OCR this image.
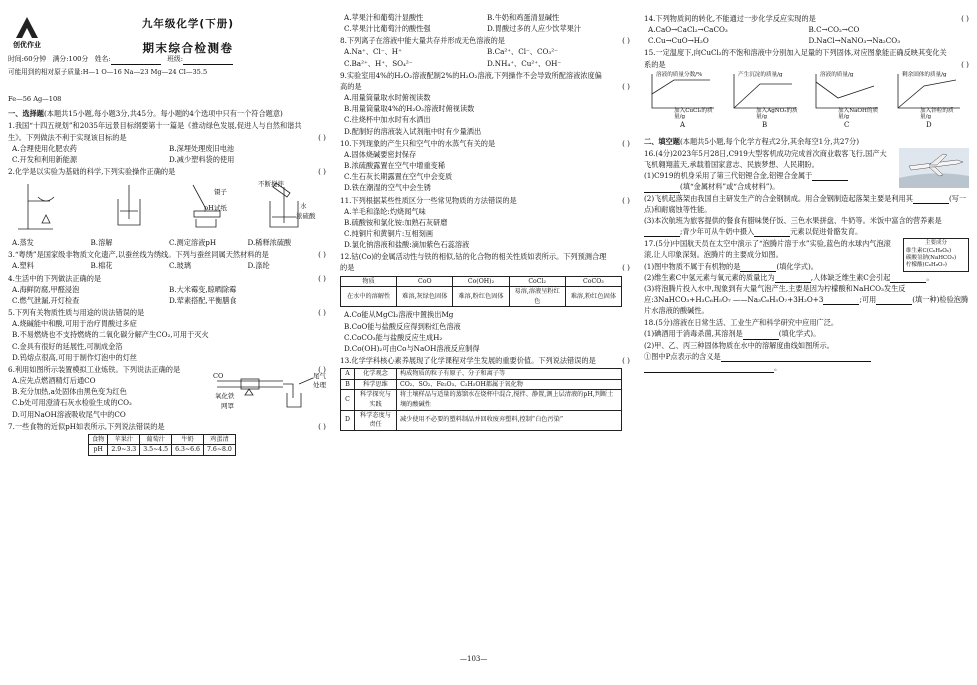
创优作业
九年级化学(下册)
期末综合检测卷
时间:60分钟 满分:100分 姓名:	班级:
可能用到的相对原子质量:H—1 O—16 Na—23 Mg—24 Cl—35.5
Fe—56 Ag—108
一、选择题(本题共15小题,每小题3分,共45分。每小题的4个选项中只有一个符合题意)
1.我国“十四五规划”和2035年远景目标纲要第十一篇是《推动绿色发展,促进人与自然和谐共生》。下列做法不利于实现该目标的是	( )
A.合理使用化肥农药	B.深埋处理废旧电池
C.开发和利用新能源	D.减少塑料袋的使用
2.化学是以实验为基础的科学,下列实验操作正确的是	( )
镊子
pH试纸
不断搅拌
水
浓硫酸
A.蒸发	B.溶解	C.测定溶液pH	D.稀释浓硫酸
3.“粤绣”是国家级非物质文化遗产,以蚕丝线为绣线。下列与蚕丝同属天然材料的是	( )
A.塑料	B.棉花	C.玻璃	D.涤纶
4.生活中的下列做法正确的是	( )
A.海鲜防腐,甲醛浸泡	B.大米霉变,晾晒除霉
C.燃气泄漏,开灯检查	D.荤素搭配,平衡膳食
5.下列有关物质性质与用途的说法错误的是	( )
A.烧碱能中和酸,可用于治疗胃酸过多症
B.不易燃烧也不支持燃烧的二氧化碳分解产生CO₂,可用于灭火
C.金具有很好的延展性,可制成金箔
D.钨熔点很高,可用于制作灯泡中的灯丝
6.利用如图所示装置模拟工业炼铁。下列说法正确的是	( )
A.应先点燃酒精灯后通CO
B.充分加热,a处固体由黑色变为红色
C.b处可用澄清石灰水检验生成的CO₂
D.可用NaOH溶液吸收尾气中的CO
CO
氧化铁
网罩
尾气
处理
7.一些食物的近似pH如表所示,下列说法错误的是	( )
食物	苹果汁	葡萄汁	牛奶	鸡蛋清
pH	2.9~3.3	3.5~4.5	6.3~6.6	7.6~8.0
A.苹果汁和葡萄汁显酸性	B.牛奶和鸡蛋清显碱性
C.苹果汁比葡萄汁的酸性强	D.胃酸过多的人应少饮苹果汁
8.下列离子在溶液中能大量共存并形成无色溶液的是	( )
A.Na⁺、Cl⁻、H⁺	B.Ca²⁺、Cl⁻、CO₃²⁻
C.Ba²⁺、H⁺、SO₄²⁻	D.NH₄⁺、Cu²⁺、OH⁻
9.实验室用4%的H₂O₂溶液配制2%的H₂O₂溶液,下列操作不会导致所配溶液浓度偏高的是	( )
A.用量筒量取水时俯视读数
B.用量筒量取4%的H₂O₂溶液时俯视读数
C.往烧杯中加水时有水洒出
D.配制好的溶液装入试剂瓶中时有少量洒出
10.下列现象的产生只和空气中的水蒸气有关的是	( )
A.固体烧碱要密封保存
B.浓硫酸露置在空气中增重变稀
C.生石灰长期露置在空气中会变质
D.铁在潮湿的空气中会生锈
11.下列根据某些性质区分一些常见物质的方法错误的是	( )
A.羊毛和涤纶:灼烧闻气味
B.硫酸铵和氯化铵:加熟石灰研磨
C.纯铜片和黄铜片:互相刻画
D.氯化钠溶液和盐酸:滴加紫色石蕊溶液
12.钴(Co)的金属活动性与铁的相似,钴的化合物的相关性质如表所示。下列预测合理的是	( )
物质	CoO	Co(OH)₂	CoCl₂	CoCO₃
在水中的溶解性	难溶,灰绿色固体	难溶,粉红色固体	易溶,溶液呈粉红色	难溶,粉红色固体
A.Co能从MgCl₂溶液中置换出Mg
B.CoO能与盐酸反应得到粉红色溶液
C.CoCO₃能与盐酸反应生成H₂
D.Co(OH)₂可由Co与NaOH溶液反应制得
13.化学学科核心素养展现了化学课程对学生发展的重要价值。下列说法错误的是	( )
A	化学观念	构成物质的粒子有原子、分子和离子等
B	科学思维	CO₂、SO₂、Fe₂O₃、C₂H₅OH都属于氧化物
C	科学探究与实践	将土壤样品与适量的蒸馏水在烧杯中混合,搅拌、静置,测上层清液的pH,判断土壤的酸碱性
D	科学态度与责任	减少使用不必要的塑料制品并回收废弃塑料,控制“白色污染”
14.下列物质间的转化,不能通过一步化学反应实现的是	( )
A.CaO→CaCl₂→CaCO₃	B.C→CO₂→CO
C.Cu→CuO→H₂O	D.NaCl→NaNO₃→Na₂CO₃
15.一定温度下,向CuCl₂的不饱和溶液中分别加入足量的下列固体,对应图象能正确反映其变化关系的是	( )
溶液的质量分数/%
加入CuCl₂的质量/g
A
产生沉淀的质量/g
加入AgNO₃的质量/g
B
溶液的质量/g
加入NaOH的质量/g
C
剩余固体的质量/g
加入锌粒的质量/g
D
二、填空题(本题共5小题,每个化学方程式2分,其余每空1分,共27分)
16.(4分)2023年5月28日,C919大型客机成功完成首次商业载客飞行,国产大飞机翱翔蓝天,承载着国家意志、民族梦想、人民期盼。
(1)C919的机身采用了第三代铝锂合金,铝锂合金属于
(填“金属材料”或“合成材料”)。
(2)飞机起落架由我国自主研发生产的合金钢制成。用合金钢制造起落架主要是利用其	(写一点)和耐腐蚀等性能。
(3)本次航班为旅客提供的餐食有腊味煲仔饭、三色水果拼盘、牛奶等。米饭中富含的营养素是;青少年可从牛奶中摄入	元素以促进骨骼发育。
17.(5分)中国航天员在太空中演示了“泡腾片溶于水”实验,蓝色的水球内气泡滚滚,让人印象深刻。泡腾片的主要成分如图。
主要成分
维生素C(C₆H₈O₆)
碳酸氢钠(NaHCO₃)
柠檬酸(C₆H₈O₇)
(1)图中物质不属于有机物的是	(填化学式)。
(2)维生素C中氢元素与氧元素的质量比为	,人体缺乏维生素C会引起	。
(3)将泡腾片投入水中,现象到有大量气泡产生,主要是因为柠檬酸和NaHCO₃发生反应:3NaHCO₃+H₃C₆H₅O₇ ——Na₃C₆H₅O₇+3H₂O+3	;可用	(填一种)检验泡腾片水溶液的酸碱性。
18.(5分)溶液在日常生活、工业生产和科学研究中应用广泛。
(1)碘酒用于消毒杀菌,其溶剂是	(填化学式)。
(2)甲、乙、丙三种固体物质在水中的溶解度曲线如图所示。
①图中P点表示的含义是
。
—103—
